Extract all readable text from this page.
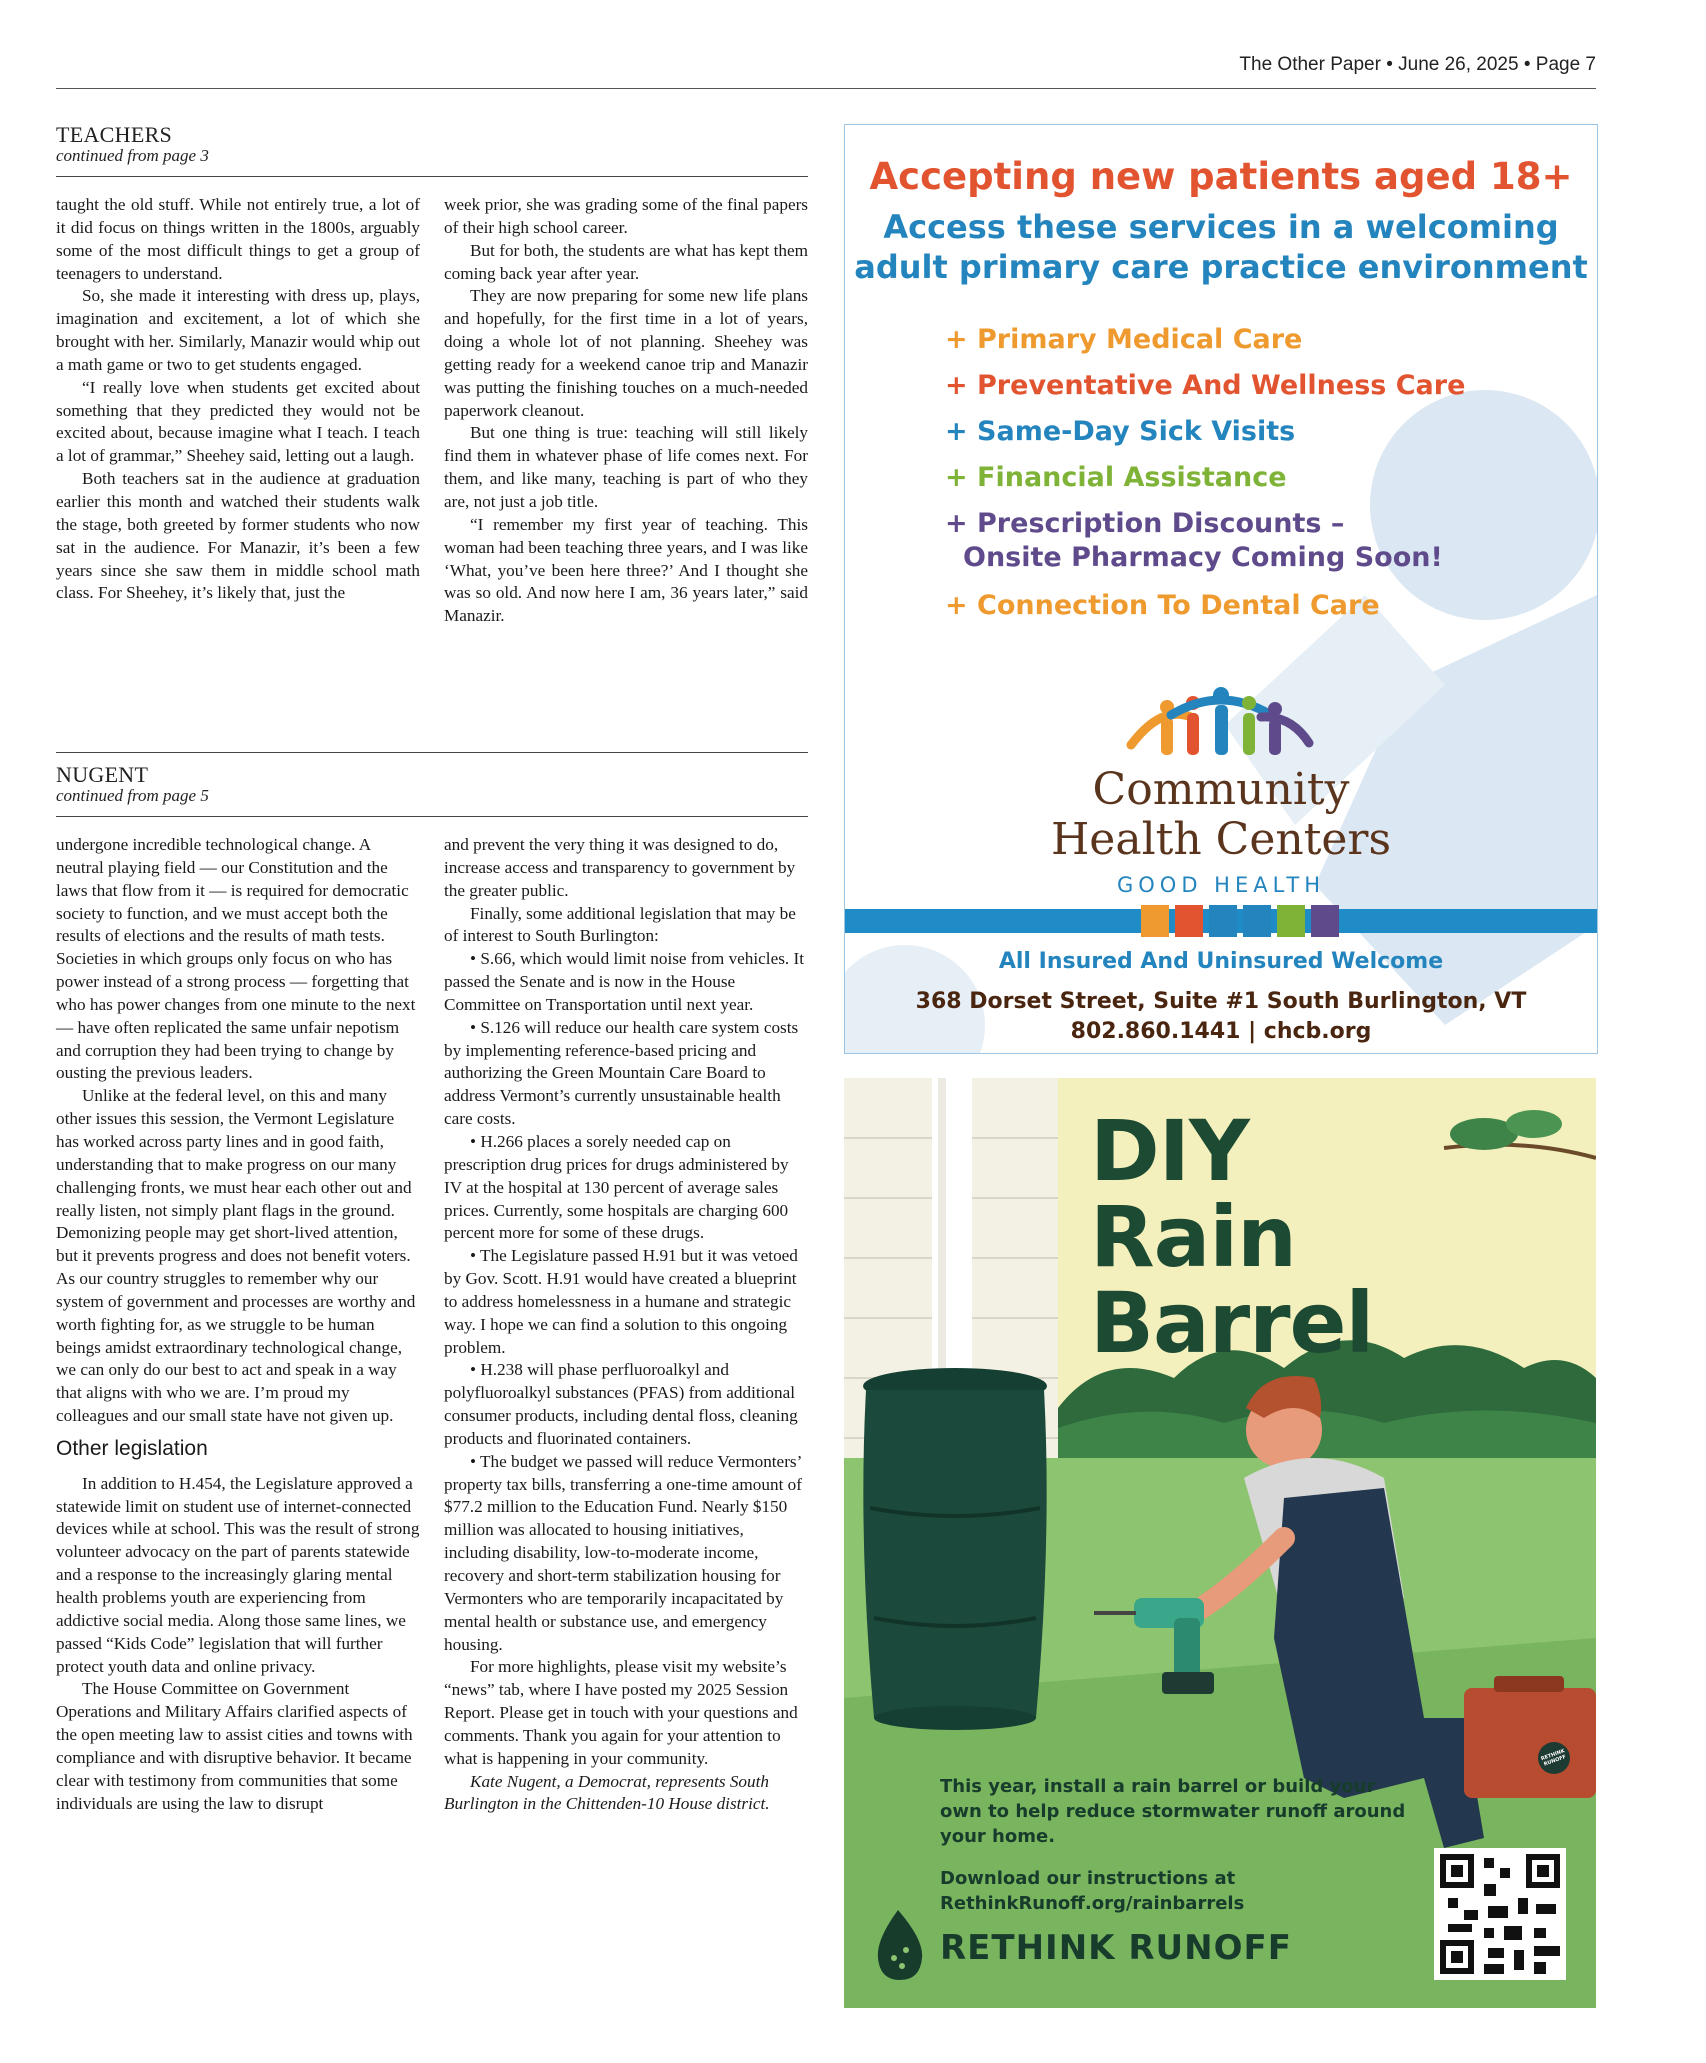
The Other Paper • June 26, 2025 • Page 7
TEACHERS
continued from page 3

taught the old stuff. While not entirely true, a lot of it did focus on things written in the 1800s, arguably some of the most difficult things to get a group of teenagers to understand.

So, she made it interesting with dress up, plays, imagination and excitement, a lot of which she brought with her. Similarly, Manazir would whip out a math game or two to get students engaged.

“I really love when students get excited about something that they predicted they would not be excited about, because imagine what I teach. I teach a lot of grammar,” Sheehey said, letting out a laugh.

Both teachers sat in the audience at graduation earlier this month and watched their students walk the stage, both greeted by former students who now sat in the audience. For Manazir, it’s been a few years since she saw them in middle school math class. For Sheehey, it’s likely that, just the

week prior, she was grading some of the final papers of their high school career.

But for both, the students are what has kept them coming back year after year.

They are now preparing for some new life plans and hopefully, for the first time in a lot of years, doing a whole lot of not planning. Sheehey was getting ready for a weekend canoe trip and Manazir was putting the finishing touches on a much-needed paperwork cleanout.

But one thing is true: teaching will still likely find them in whatever phase of life comes next. For them, and like many, teaching is part of who they are, not just a job title.

“I remember my first year of teaching. This woman had been teaching three years, and I was like ‘What, you’ve been here three?’ And I thought she was so old. And now here I am, 36 years later,” said Manazir.

NUGENT
continued from page 5

undergone incredible technological change. A neutral playing field — our Constitution and the laws that flow from it — is required for democratic society to function, and we must accept both the results of elections and the results of math tests. Societies in which groups only focus on who has power instead of a strong process — forgetting that who has power changes from one minute to the next — have often replicated the same unfair nepotism and corruption they had been trying to change by ousting the previous leaders.

Unlike at the federal level, on this and many other issues this session, the Vermont Legislature has worked across party lines and in good faith, understanding that to make progress on our many challenging fronts, we must hear each other out and really listen, not simply plant flags in the ground. Demonizing people may get short-lived attention, but it prevents progress and does not benefit voters. As our country struggles to remember why our system of government and processes are worthy and worth fighting for, as we struggle to be human beings amidst extraordinary technological change, we can only do our best to act and speak in a way that aligns with who we are. I’m proud my colleagues and our small state have not given up.

Other legislation

In addition to H.454, the Legislature approved a statewide limit on student use of internet-connected devices while at school. This was the result of strong volunteer advocacy on the part of parents statewide and a response to the increasingly glaring mental health problems youth are experiencing from addictive social media. Along those same lines, we passed “Kids Code” legislation that will further protect youth data and online privacy.

The House Committee on Government Operations and Military Affairs clarified aspects of the open meeting law to assist cities and towns with compliance and with disruptive behavior. It became clear with testimony from communities that some individuals are using the law to disrupt

and prevent the very thing it was designed to do, increase access and transparency to government by the greater public.

Finally, some additional legislation that may be of interest to South Burlington:

• S.66, which would limit noise from vehicles. It passed the Senate and is now in the House Committee on Transportation until next year.

• S.126 will reduce our health care system costs by implementing reference-based pricing and authorizing the Green Mountain Care Board to address Vermont’s currently unsustainable health care costs.

• H.266 places a sorely needed cap on prescription drug prices for drugs administered by IV at the hospital at 130 percent of average sales prices. Currently, some hospitals are charging 600 percent more for some of these drugs.

• The Legislature passed H.91 but it was vetoed by Gov. Scott. H.91 would have created a blueprint to address homelessness in a humane and strategic way. I hope we can find a solution to this ongoing problem.

• H.238 will phase perfluoroalkyl and polyfluoroalkyl substances (PFAS) from additional consumer products, including dental floss, cleaning products and fluorinated containers.

• The budget we passed will reduce Vermonters’ property tax bills, transferring a one-time amount of $77.2 million to the Education Fund. Nearly $150 million was allocated to housing initiatives, including disability, low-to-moderate income, recovery and short-term stabilization housing for Vermonters who are temporarily incapacitated by mental health or substance use, and emergency housing.

For more highlights, please visit my website’s “news” tab, where I have posted my 2025 Session Report. Please get in touch with your questions and comments. Thank you again for your attention to what is happening in your community.

Kate Nugent, a Democrat, represents South Burlington in the Chittenden-10 House district.

Accepting new patients aged 18+
Access these services in a welcoming
adult primary care practice environment
+ Primary Medical Care
+ Preventative And Wellness Care
+ Same-Day Sick Visits
+ Financial Assistance
+ Prescription Discounts –
Onsite Pharmacy Coming Soon!
+ Connection To Dental Care
Community
Health Centers
GOOD HEALTH
All Insured And Uninsured Welcome
368 Dorset Street, Suite #1 South Burlington, VT
802.860.1441 | chcb.org
DIY
Rain Barrel
RETHINK RUNOFF
This year, install a rain barrel or build your own to help reduce stormwater runoff around your home.
Download our instructions at RethinkRunoff.org/rainbarrels
RETHINK RUNOFF
